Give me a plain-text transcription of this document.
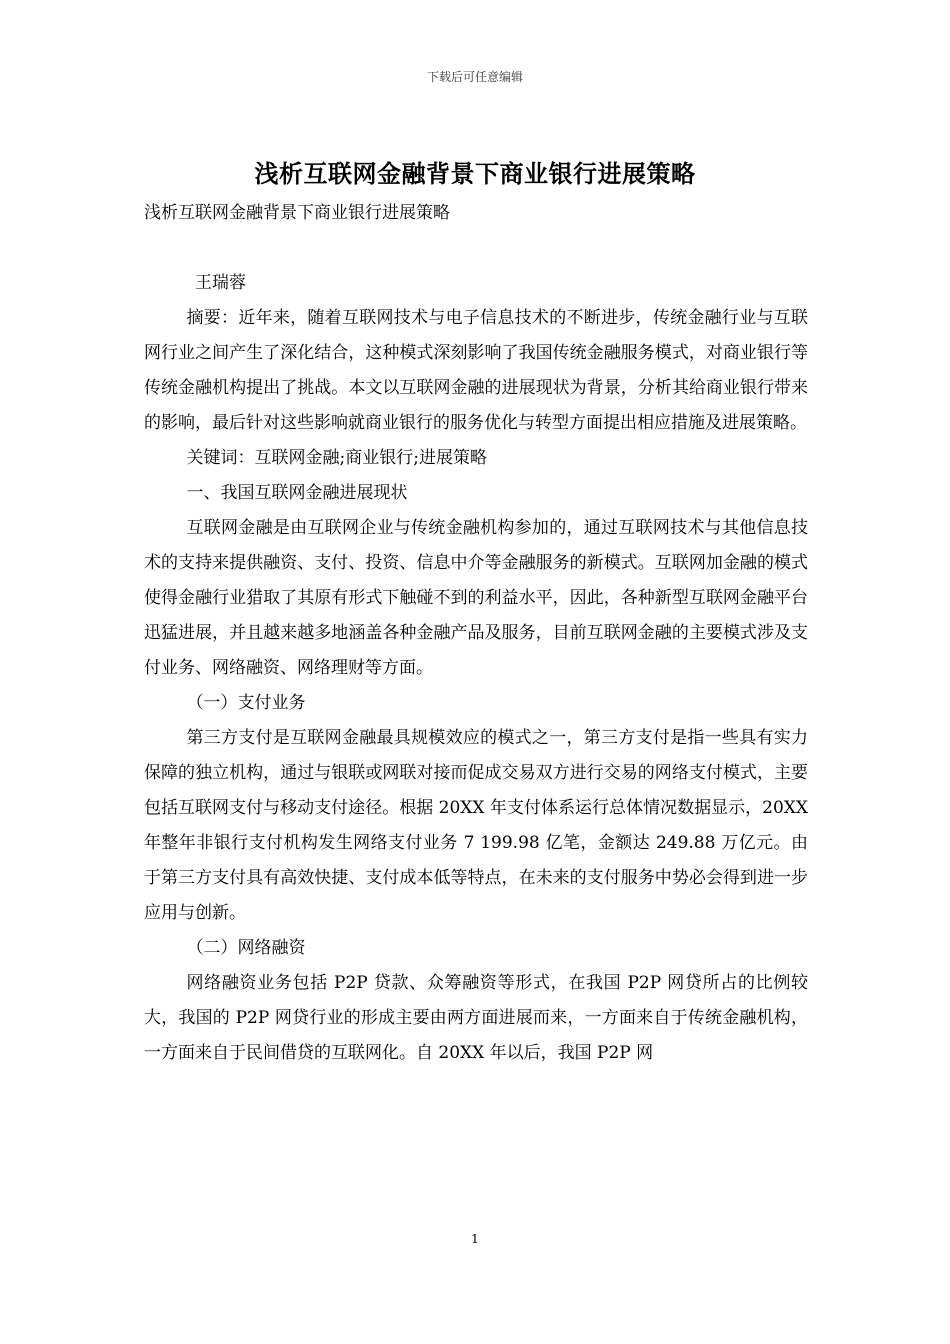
下载后可任意编辑
浅析互联网金融背景下商业银行进展策略

浅析互联网金融背景下商业银行进展策略

王瑞蓉

摘要：近年来，随着互联网技术与电子信息技术的不断进步，传统金融行业与互联网行业之间产生了深化结合，这种模式深刻影响了我国传统金融服务模式，对商业银行等传统金融机构提出了挑战。本文以互联网金融的进展现状为背景，分析其给商业银行带来的影响，最后针对这些影响就商业银行的服务优化与转型方面提出相应措施及进展策略。

关键词：互联网金融;商业银行;进展策略

一、我国互联网金融进展现状

互联网金融是由互联网企业与传统金融机构参加的，通过互联网技术与其他信息技术的支持来提供融资、支付、投资、信息中介等金融服务的新模式。互联网加金融的模式使得金融行业猎取了其原有形式下触碰不到的利益水平，因此，各种新型互联网金融平台迅猛进展，并且越来越多地涵盖各种金融产品及服务，目前互联网金融的主要模式涉及支付业务、网络融资、网络理财等方面。

（一）支付业务

第三方支付是互联网金融最具规模效应的模式之一，第三方支付是指一些具有实力保障的独立机构，通过与银联或网联对接而促成交易双方进行交易的网络支付模式，主要包括互联网支付与移动支付途径。根据 20XX 年支付体系运行总体情况数据显示，20XX 年整年非银行支付机构发生网络支付业务 7 199.98 亿笔，金额达 249.88 万亿元。由于第三方支付具有高效快捷、支付成本低等特点，在未来的支付服务中势必会得到进一步应用与创新。

（二）网络融资

网络融资业务包括 P2P 贷款、众筹融资等形式，在我国 P2P 网贷所占的比例较大，我国的 P2P 网贷行业的形成主要由两方面进展而来，一方面来自于传统金融机构，一方面来自于民间借贷的互联网化。自 20XX 年以后，我国 P2P 网

1
